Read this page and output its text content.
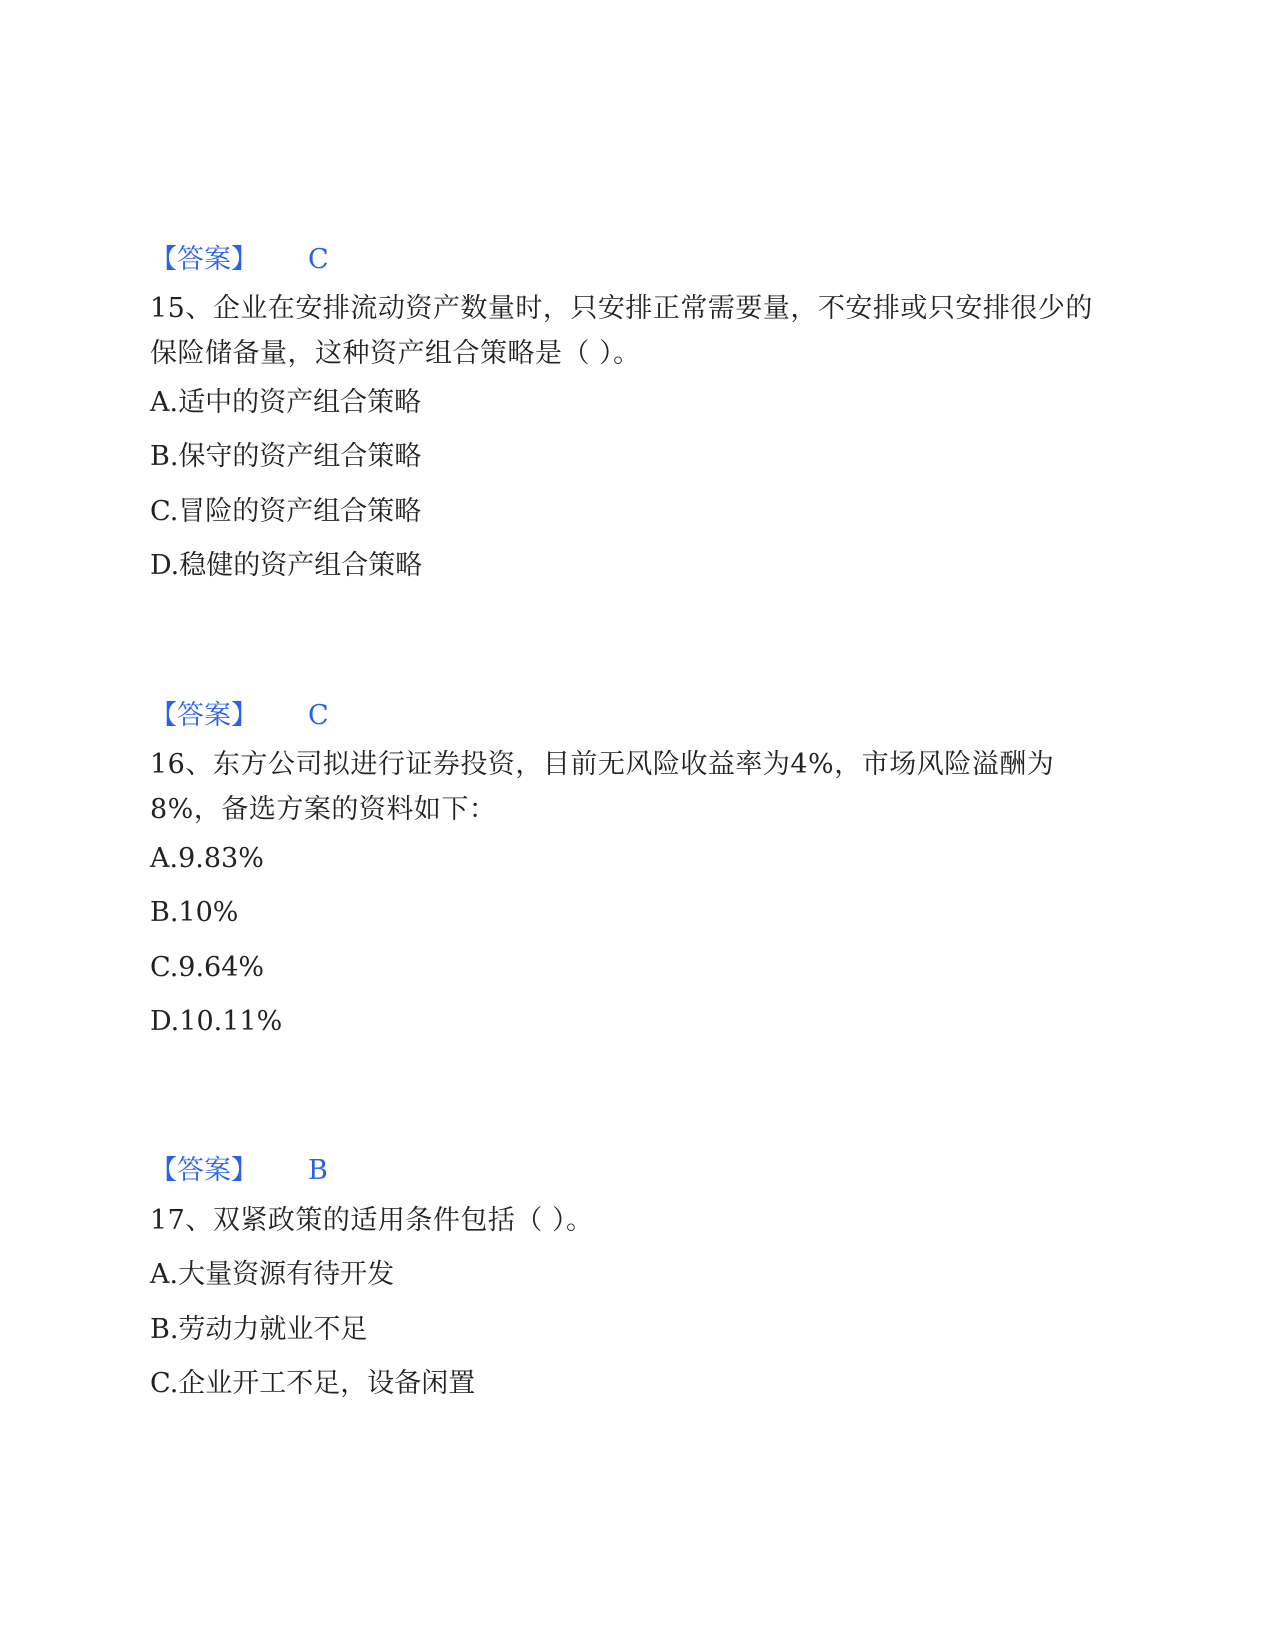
【答案】 C
15、企业在安排流动资产数量时，只安排正常需要量，不安排或只安排很少的保险储备量，这种资产组合策略是（ ）。
A.适中的资产组合策略
B.保守的资产组合策略
C.冒险的资产组合策略
D.稳健的资产组合策略
【答案】 C
16、东方公司拟进行证券投资，目前无风险收益率为4%，市场风险溢酬为8%，备选方案的资料如下：
A.9.83%
B.10%
C.9.64%
D.10.11%
【答案】 B
17、双紧政策的适用条件包括（ ）。
A.大量资源有待开发
B.劳动力就业不足
C.企业开工不足，设备闲置
